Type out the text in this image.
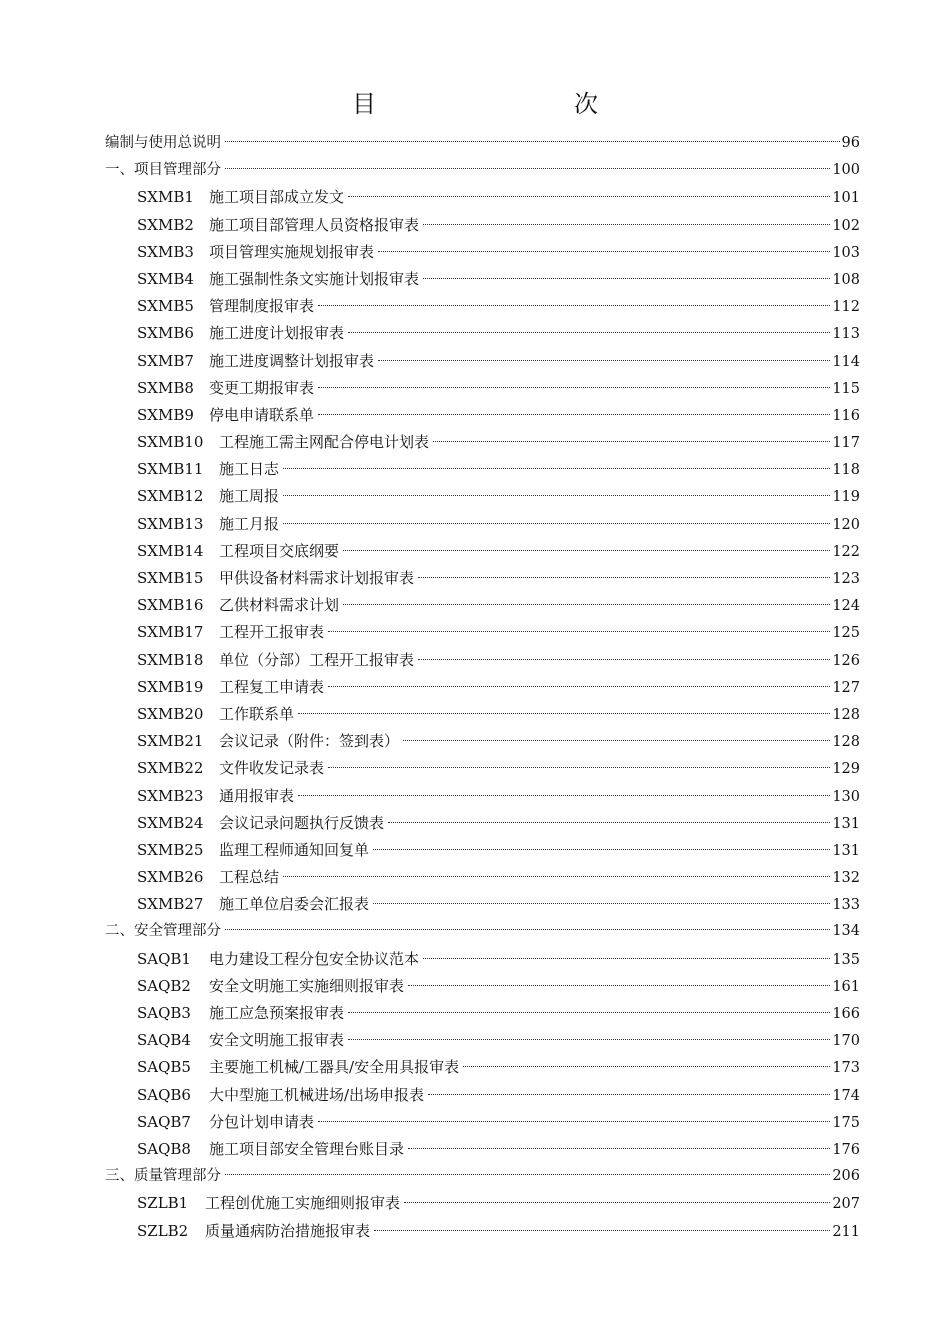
目　　次
编制与使用总说明	96
一、项目管理部分	100
SXMB1 施工项目部成立发文	101
SXMB2 施工项目部管理人员资格报审表	102
SXMB3 项目管理实施规划报审表	103
SXMB4 施工强制性条文实施计划报审表	108
SXMB5 管理制度报审表	112
SXMB6 施工进度计划报审表	113
SXMB7 施工进度调整计划报审表	114
SXMB8 变更工期报审表	115
SXMB9 停电申请联系单	116
SXMB10 工程施工需主网配合停电计划表	117
SXMB11 施工日志	118
SXMB12 施工周报	119
SXMB13 施工月报	120
SXMB14 工程项目交底纲要	122
SXMB15 甲供设备材料需求计划报审表	123
SXMB16 乙供材料需求计划	124
SXMB17 工程开工报审表	125
SXMB18 单位（分部）工程开工报审表	126
SXMB19 工程复工申请表	127
SXMB20 工作联系单	128
SXMB21 会议记录（附件：签到表）	128
SXMB22 文件收发记录表	129
SXMB23 通用报审表	130
SXMB24 会议记录问题执行反馈表	131
SXMB25 监理工程师通知回复单	131
SXMB26 工程总结	132
SXMB27 施工单位启委会汇报表	133
二、安全管理部分	134
SAQB1 电力建设工程分包安全协议范本	135
SAQB2 安全文明施工实施细则报审表	161
SAQB3 施工应急预案报审表	166
SAQB4 安全文明施工报审表	170
SAQB5 主要施工机械/工器具/安全用具报审表	173
SAQB6 大中型施工机械进场/出场申报表	174
SAQB7 分包计划申请表	175
SAQB8 施工项目部安全管理台账目录	176
三、质量管理部分	206
SZLB1 工程创优施工实施细则报审表	207
SZLB2 质量通病防治措施报审表	211
